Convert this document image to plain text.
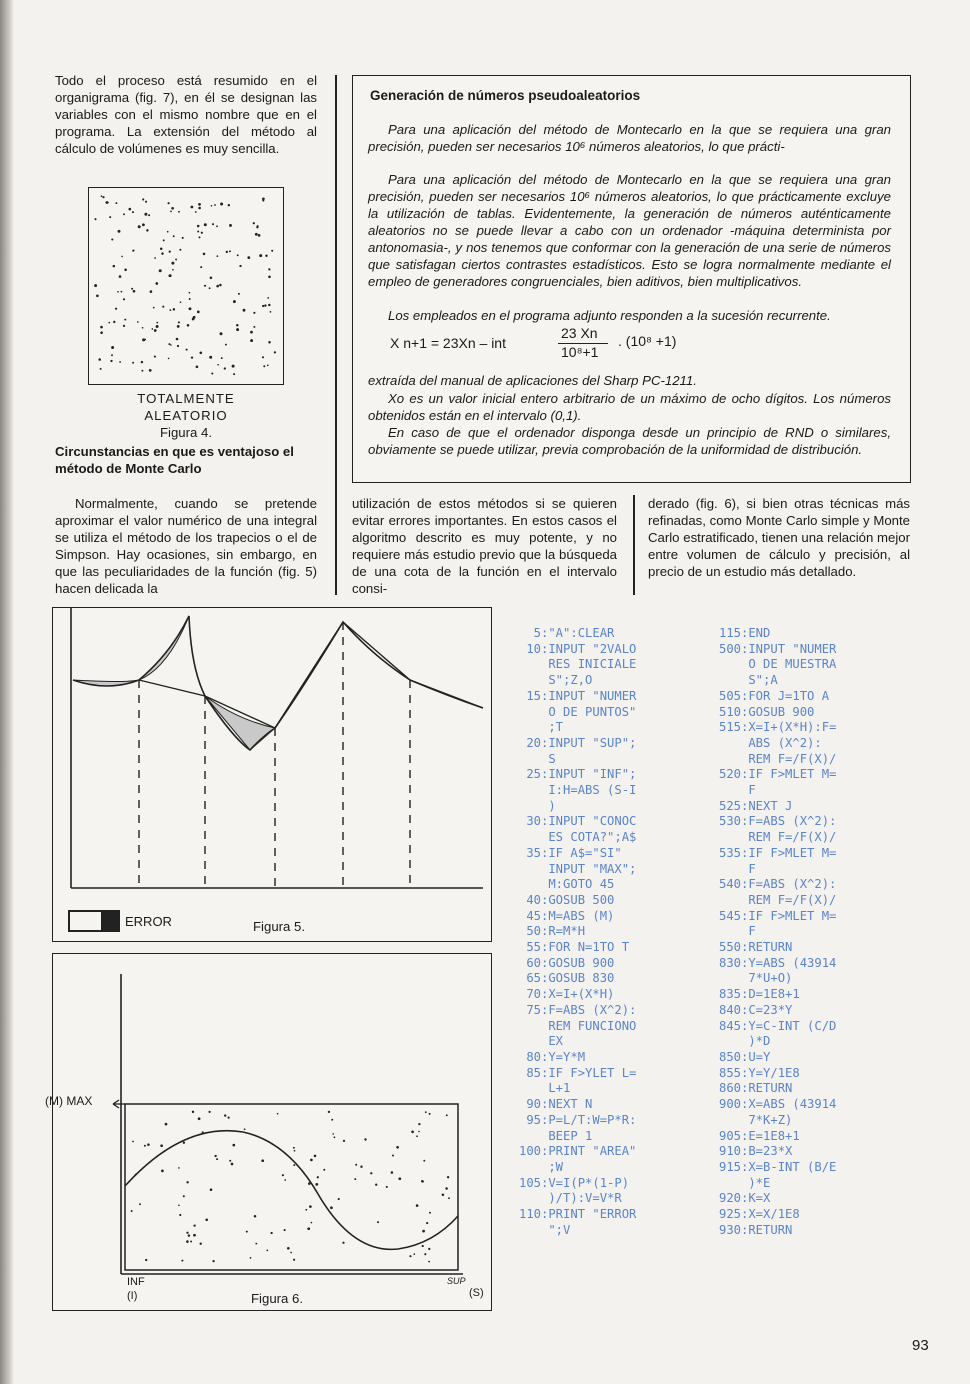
Todo el proceso está resumido en el organigrama (fig. 7), en él se designan las variables con el mismo nombre que en el programa. La extensión del método al cálculo de volúmenes es muy sencilla.

TOTALMENTE

ALEATORIO

Figura 4.

Circunstancias en que es ventajoso el método de Monte Carlo

Normalmente, cuando se pretende aproximar el valor numérico de una integral se utiliza el método de los trapecios o el de Simpson. Hay ocasiones, sin embargo, en que las peculiaridades de la función (fig. 5) hacen delicada la

Generación de números pseudoaleatorios

Para una aplicación del método de Montecarlo en la que se requiera una gran precisión, pueden ser necesarios 10⁶ números aleatorios, lo que prácti-

Para una aplicación del método de Montecarlo en la que se requiera una gran precisión, pueden ser necesarios 10⁶ números aleatorios, lo que prácticamente excluye la utilización de tablas. Evidentemente, la generación de números auténticamente aleatorios no se puede llevar a cabo con un ordenador -máquina determinista por antonomasia-, y nos tenemos que conformar con la generación de una serie de números que satisfagan ciertos contrastes estadísticos. Esto se logra normalmente mediante el empleo de generadores congruenciales, bien aditivos, bien multiplicativos.

Los empleados en el programa adjunto responden a la sucesión recurrente.

X n+1 = 23Xn – int
23 Xn
10⁸+1
. (10⁸ +1)

extraída del manual de aplicaciones del Sharp PC-1211.

Xo es un valor inicial entero arbitrario de un máximo de ocho dígitos. Los números obtenidos están en el intervalo (0,1).

En caso de que el ordenador disponga desde un principio de RND o similares, obviamente se puede utilizar, previa comprobación de la uniformidad de distribución.

utilización de estos métodos si se quieren evitar errores importantes. En estos casos el algoritmo descrito es muy potente, y no requiere más estudio previo que la búsqueda de una cota de la función en el intervalo consi-

derado (fig. 6), si bien otras técnicas más refinadas, como Monte Carlo simple y Monte Carlo estratificado, tienen una relación mejor entre volumen de cálculo y precisión, al precio de un estudio más detallado.

ERROR	Figura 5.
(M) MAX
INF
(I)
SUP
(S)
Figura 6.
5:"A":CLEAR
10:INPUT "2VALO
RES INICIALE
S";Z,O
15:INPUT "NUMER
O DE PUNTOS"
;T
20:INPUT "SUP";
S
25:INPUT "INF";
I:H=ABS (S-I
)
30:INPUT "CONOC
ES COTA?";A$
35:IF A$="SI"
INPUT "MAX";
M:GOTO 45
40:GOSUB 500
45:M=ABS (M)
50:R=M*H
55:FOR N=1TO T
60:GOSUB 900
65:GOSUB 830
70:X=I+(X*H)
75:F=ABS (X^2):
REM FUNCIONO
EX
80:Y=Y*M
85:IF F>YLET L=
L+1
90:NEXT N
95:P=L/T:W=P*R:
BEEP 1
100:PRINT "AREA"
;W
105:V=I(P*(1-P)
)/T):V=V*R
110:PRINT "ERROR
";V
115:END
500:INPUT "NUMER
O DE MUESTRA
S";A
505:FOR J=1TO A
510:GOSUB 900
515:X=I+(X*H):F=
ABS (X^2):
REM F=/F(X)/
520:IF F>MLET M=
F
525:NEXT J
530:F=ABS (X^2):
REM F=/F(X)/
535:IF F>MLET M=
F
540:F=ABS (X^2):
REM F=/F(X)/
545:IF F>MLET M=
F
550:RETURN
830:Y=ABS (43914
7*U+O)
835:D=1E8+1
840:C=23*Y
845:Y=C-INT (C/D
)*D
850:U=Y
855:Y=Y/1E8
860:RETURN
900:X=ABS (43914
7*K+Z)
905:E=1E8+1
910:B=23*X
915:X=B-INT (B/E
)*E
920:K=X
925:X=X/1E8
930:RETURN
93
